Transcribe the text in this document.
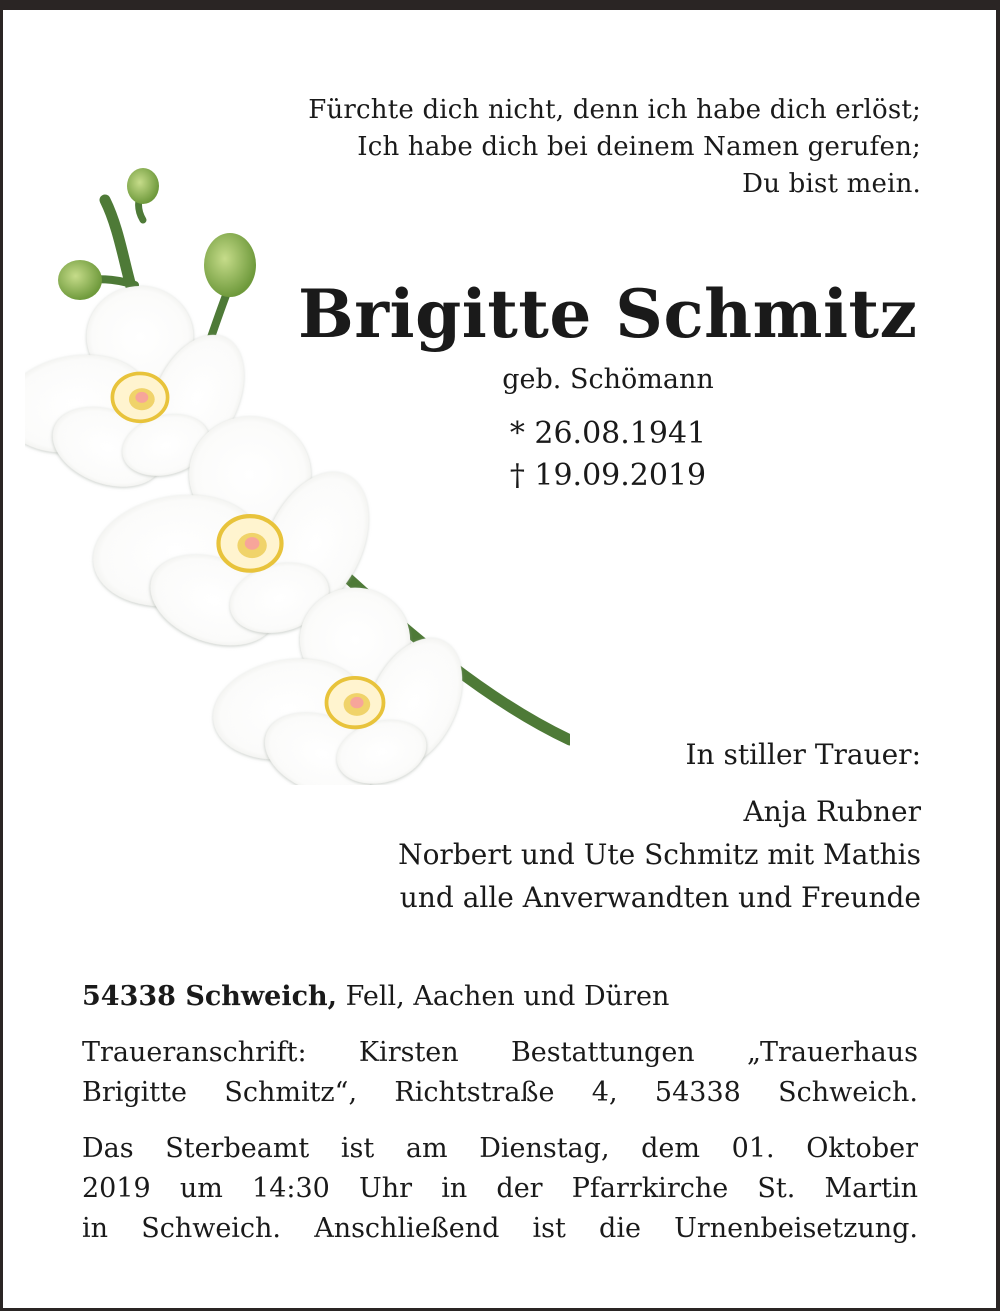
Fürchte dich nicht, denn ich habe dich erlöst;
Ich habe dich bei deinem Namen gerufen;
Du bist mein.
Brigitte Schmitz
geb. Schömann
* 26.08.1941
† 19.09.2019
In stiller Trauer:
Anja Rubner
Norbert und Ute Schmitz mit Mathis
und alle Anverwandten und Freunde
54338 Schweich, Fell, Aachen und Düren
Traueranschrift: Kirsten Bestattungen „Trauerhaus
Brigitte Schmitz“, Richtstraße 4, 54338 Schweich.
Das Sterbeamt ist am Dienstag, dem 01. Oktober
2019 um 14:30 Uhr in der Pfarrkirche St. Martin
in Schweich. Anschließend ist die Urnenbeisetzung.
